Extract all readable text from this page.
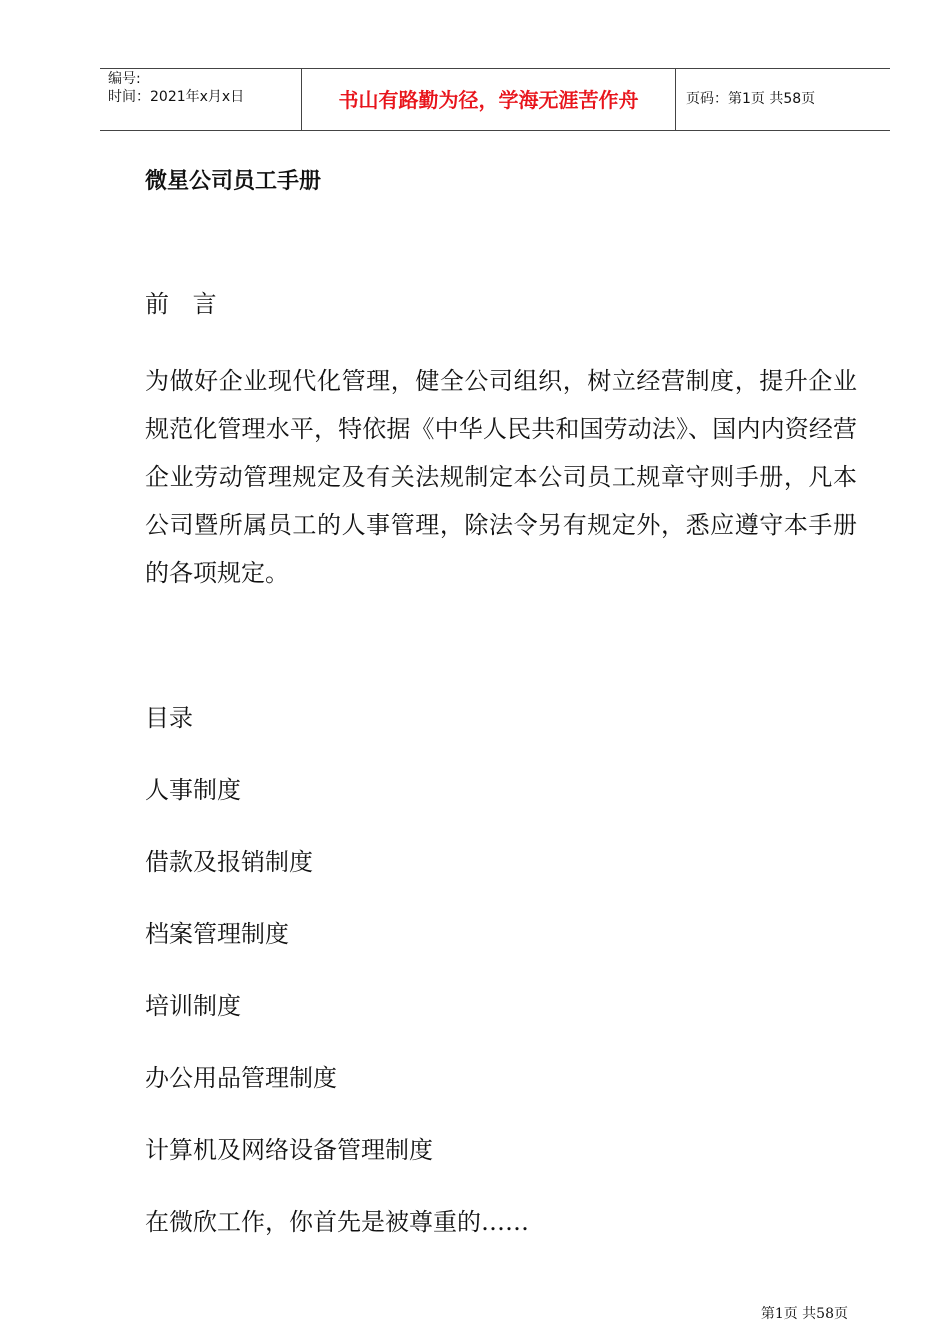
编号:
时间：2021年x月x日	书山有路勤为径，学海无涯苦作舟	页码：第1页 共58页
微星公司员工手册
前 言

为做好企业现代化管理，健全公司组织，树立经营制度，提升企业规范化管理水平，特依据《中华人民共和国劳动法》、国内内资经营企业劳动管理规定及有关法规制定本公司员工规章守则手册，凡本公司暨所属员工的人事管理，除法令另有规定外，悉应遵守本手册的各项规定。

目录
人事制度
借款及报销制度
档案管理制度
培训制度
办公用品管理制度
计算机及网络设备管理制度
在微欣工作，你首先是被尊重的……
第1页 共58页
